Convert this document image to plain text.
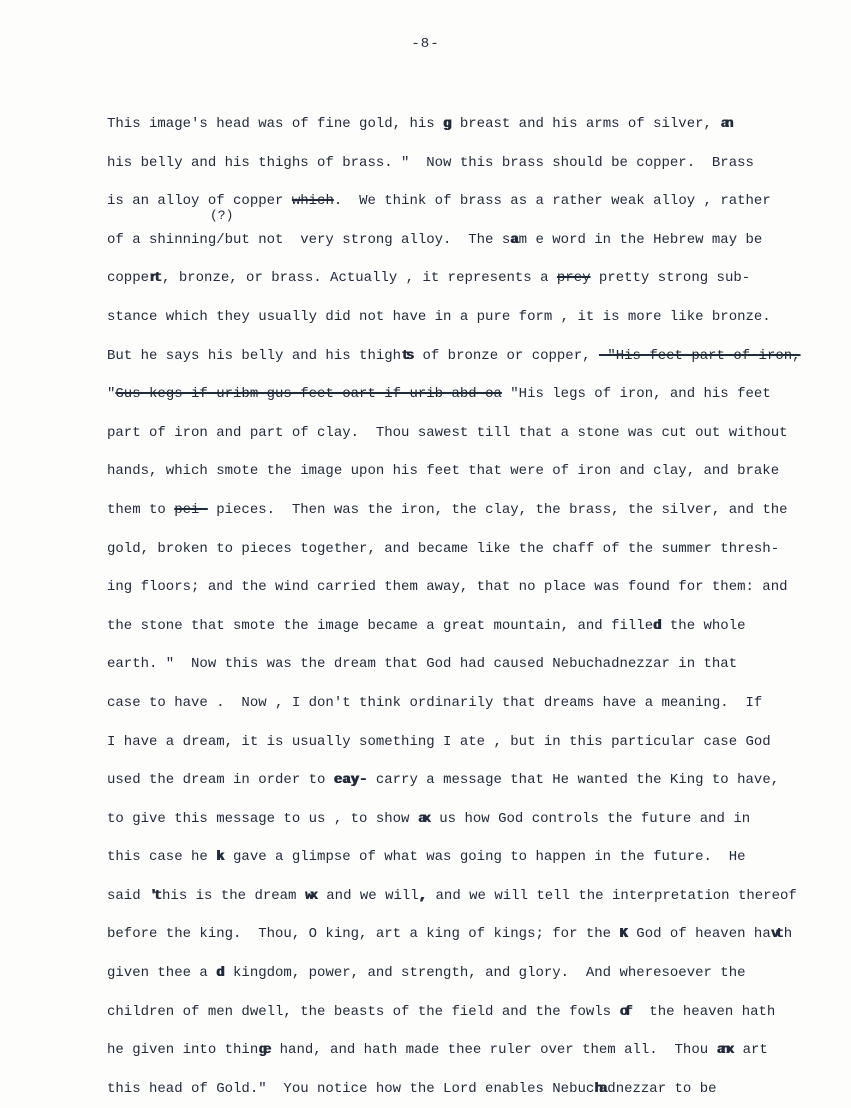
-8-
(?)
This image's head was of fine gold, his g breast and his arms of silver, an
his belly and his thighs of brass. "  Now this brass should be copper.  Brass
is an alloy of copper which.  We think of brass as a rather weak alloy , rather
of a shinning/but not  very strong alloy.  The sam e word in the Hebrew may be
coppert , bronze, or brass. Actually , it represents a prey pretty strong sub-
stance which they usually did not have in a pure form , it is more like bronze.
But he says his belly and his thights of bronze or copper, -"His feet part of iron,
"Gus kegs if uribm gus feet oart if urib abd oa "His legs of iron, and his feet
part of iron and part of clay.  Thou sawest till that a stone was cut out without
hands, which smote the image upon his feet that were of iron and clay, and brake
them to pei- pieces.  Then was the iron, the clay, the brass, the silver, and the
gold, broken to pieces together, and became like the chaff of the summer thresh-
ing floors; and the wind carried them away, that no place was found for them: and
the stone that smote the image became a great mountain, and filled the whole
earth. "  Now this was the dream that God had caused Nebuchadnezzar in that
case to have .  Now , I don't think ordinarily that dreams have a meaning.  If
I have a dream, it is usually something I ate , but in this particular case God
used the dream in order to eay- carry a message that He wanted the King to have,
to give this message to us , to show ax us how God controls the future and in
this case he k gave a glimpse of what was going to happen in the future.  He
said 't his is the dream wx and we will, and we will tell the interpretation thereof
before the king.  Thou, O king, art a king of kings; for the K God of heaven havt h
given thee a d kingdom, power, and strength, and glory.  And wheresoever the
children of men dwell, the beasts of the field and the fowls of  the heaven hath
he given into thinge hand, and hath made thee ruler over them all.  Thou anx art
this head of Gold."  You notice how the Lord enables Nebucha dnezzar to be
